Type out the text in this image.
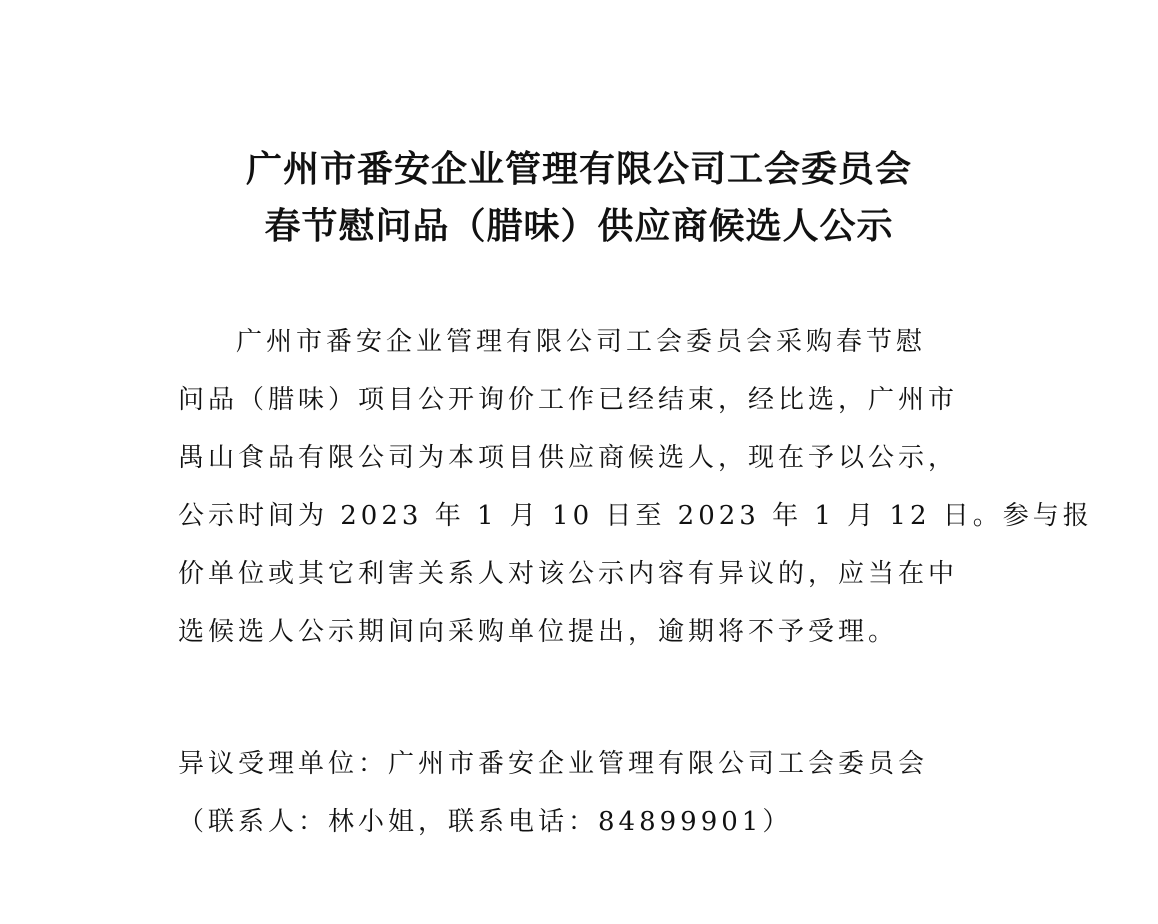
广州市番安企业管理有限公司工会委员会
春节慰问品（腊味）供应商候选人公示
广州市番安企业管理有限公司工会委员会采购春节慰
问品（腊味）项目公开询价工作已经结束，经比选，广州市
禺山食品有限公司为本项目供应商候选人，现在予以公示，
公示时间为 2023 年 1 月 10 日至 2023 年 1 月 12 日。参与报
价单位或其它利害关系人对该公示内容有异议的，应当在中
选候选人公示期间向采购单位提出，逾期将不予受理。
异议受理单位：广州市番安企业管理有限公司工会委员会
（联系人：林小姐，联系电话：84899901）
